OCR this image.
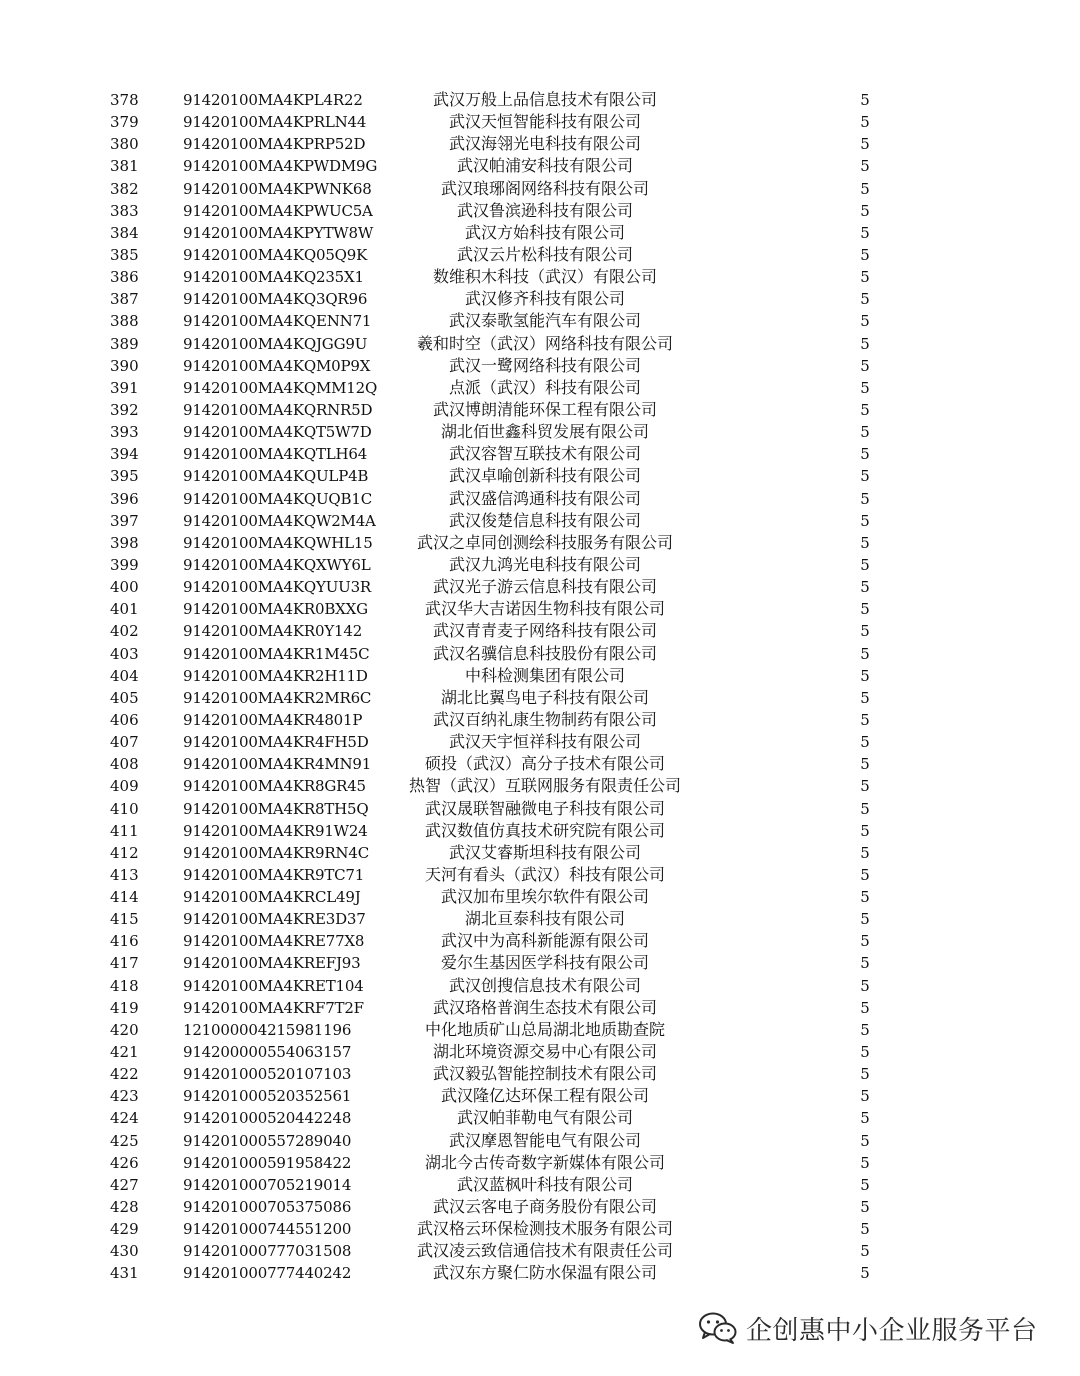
378	91420100MA4KPL4R22	武汉万般上品信息技术有限公司	5
379	91420100MA4KPRLN44	武汉天恒智能科技有限公司	5
380	91420100MA4KPRP52D	武汉海翎光电科技有限公司	5
381	91420100MA4KPWDM9G	武汉帕浦安科技有限公司	5
382	91420100MA4KPWNK68	武汉琅琊阁网络科技有限公司	5
383	91420100MA4KPWUC5A	武汉鲁滨逊科技有限公司	5
384	91420100MA4KPYTW8W	武汉方始科技有限公司	5
385	91420100MA4KQ05Q9K	武汉云片松科技有限公司	5
386	91420100MA4KQ235X1	数维积木科技（武汉）有限公司	5
387	91420100MA4KQ3QR96	武汉修齐科技有限公司	5
388	91420100MA4KQENN71	武汉泰歌氢能汽车有限公司	5
389	91420100MA4KQJGG9U	羲和时空（武汉）网络科技有限公司	5
390	91420100MA4KQM0P9X	武汉一鹭网络科技有限公司	5
391	91420100MA4KQMM12Q	点派（武汉）科技有限公司	5
392	91420100MA4KQRNR5D	武汉博朗清能环保工程有限公司	5
393	91420100MA4KQT5W7D	湖北佰世鑫科贸发展有限公司	5
394	91420100MA4KQTLH64	武汉容智互联技术有限公司	5
395	91420100MA4KQULP4B	武汉卓喻创新科技有限公司	5
396	91420100MA4KQUQB1C	武汉盛信鸿通科技有限公司	5
397	91420100MA4KQW2M4A	武汉俊楚信息科技有限公司	5
398	91420100MA4KQWHL15	武汉之卓同创测绘科技服务有限公司	5
399	91420100MA4KQXWY6L	武汉九鸿光电科技有限公司	5
400	91420100MA4KQYUU3R	武汉光子游云信息科技有限公司	5
401	91420100MA4KR0BXXG	武汉华大吉诺因生物科技有限公司	5
402	91420100MA4KR0Y142	武汉青青麦子网络科技有限公司	5
403	91420100MA4KR1M45C	武汉名骥信息科技股份有限公司	5
404	91420100MA4KR2H11D	中科检测集团有限公司	5
405	91420100MA4KR2MR6C	湖北比翼鸟电子科技有限公司	5
406	91420100MA4KR4801P	武汉百纳礼康生物制药有限公司	5
407	91420100MA4KR4FH5D	武汉天宇恒祥科技有限公司	5
408	91420100MA4KR4MN91	硕投（武汉）高分子技术有限公司	5
409	91420100MA4KR8GR45	热智（武汉）互联网服务有限责任公司	5
410	91420100MA4KR8TH5Q	武汉晟联智融微电子科技有限公司	5
411	91420100MA4KR91W24	武汉数值仿真技术研究院有限公司	5
412	91420100MA4KR9RN4C	武汉艾睿斯坦科技有限公司	5
413	91420100MA4KR9TC71	天河有看头（武汉）科技有限公司	5
414	91420100MA4KRCL49J	武汉加布里埃尔软件有限公司	5
415	91420100MA4KRE3D37	湖北亘泰科技有限公司	5
416	91420100MA4KRE77X8	武汉中为高科新能源有限公司	5
417	91420100MA4KREFJ93	爱尔生基因医学科技有限公司	5
418	91420100MA4KRET104	武汉创搜信息技术有限公司	5
419	91420100MA4KRF7T2F	武汉珞格普润生态技术有限公司	5
420	121000004215981196	中化地质矿山总局湖北地质勘查院	5
421	914200000554063157	湖北环境资源交易中心有限公司	5
422	914201000520107103	武汉毅弘智能控制技术有限公司	5
423	914201000520352561	武汉隆亿达环保工程有限公司	5
424	914201000520442248	武汉帕菲勒电气有限公司	5
425	914201000557289040	武汉摩恩智能电气有限公司	5
426	914201000591958422	湖北今古传奇数字新媒体有限公司	5
427	914201000705219014	武汉蓝枫叶科技有限公司	5
428	914201000705375086	武汉云客电子商务股份有限公司	5
429	914201000744551200	武汉格云环保检测技术服务有限公司	5
430	914201000777031508	武汉凌云致信通信技术有限责任公司	5
431	914201000777440242	武汉东方聚仁防水保温有限公司	5
企创惠中小企业服务平台
